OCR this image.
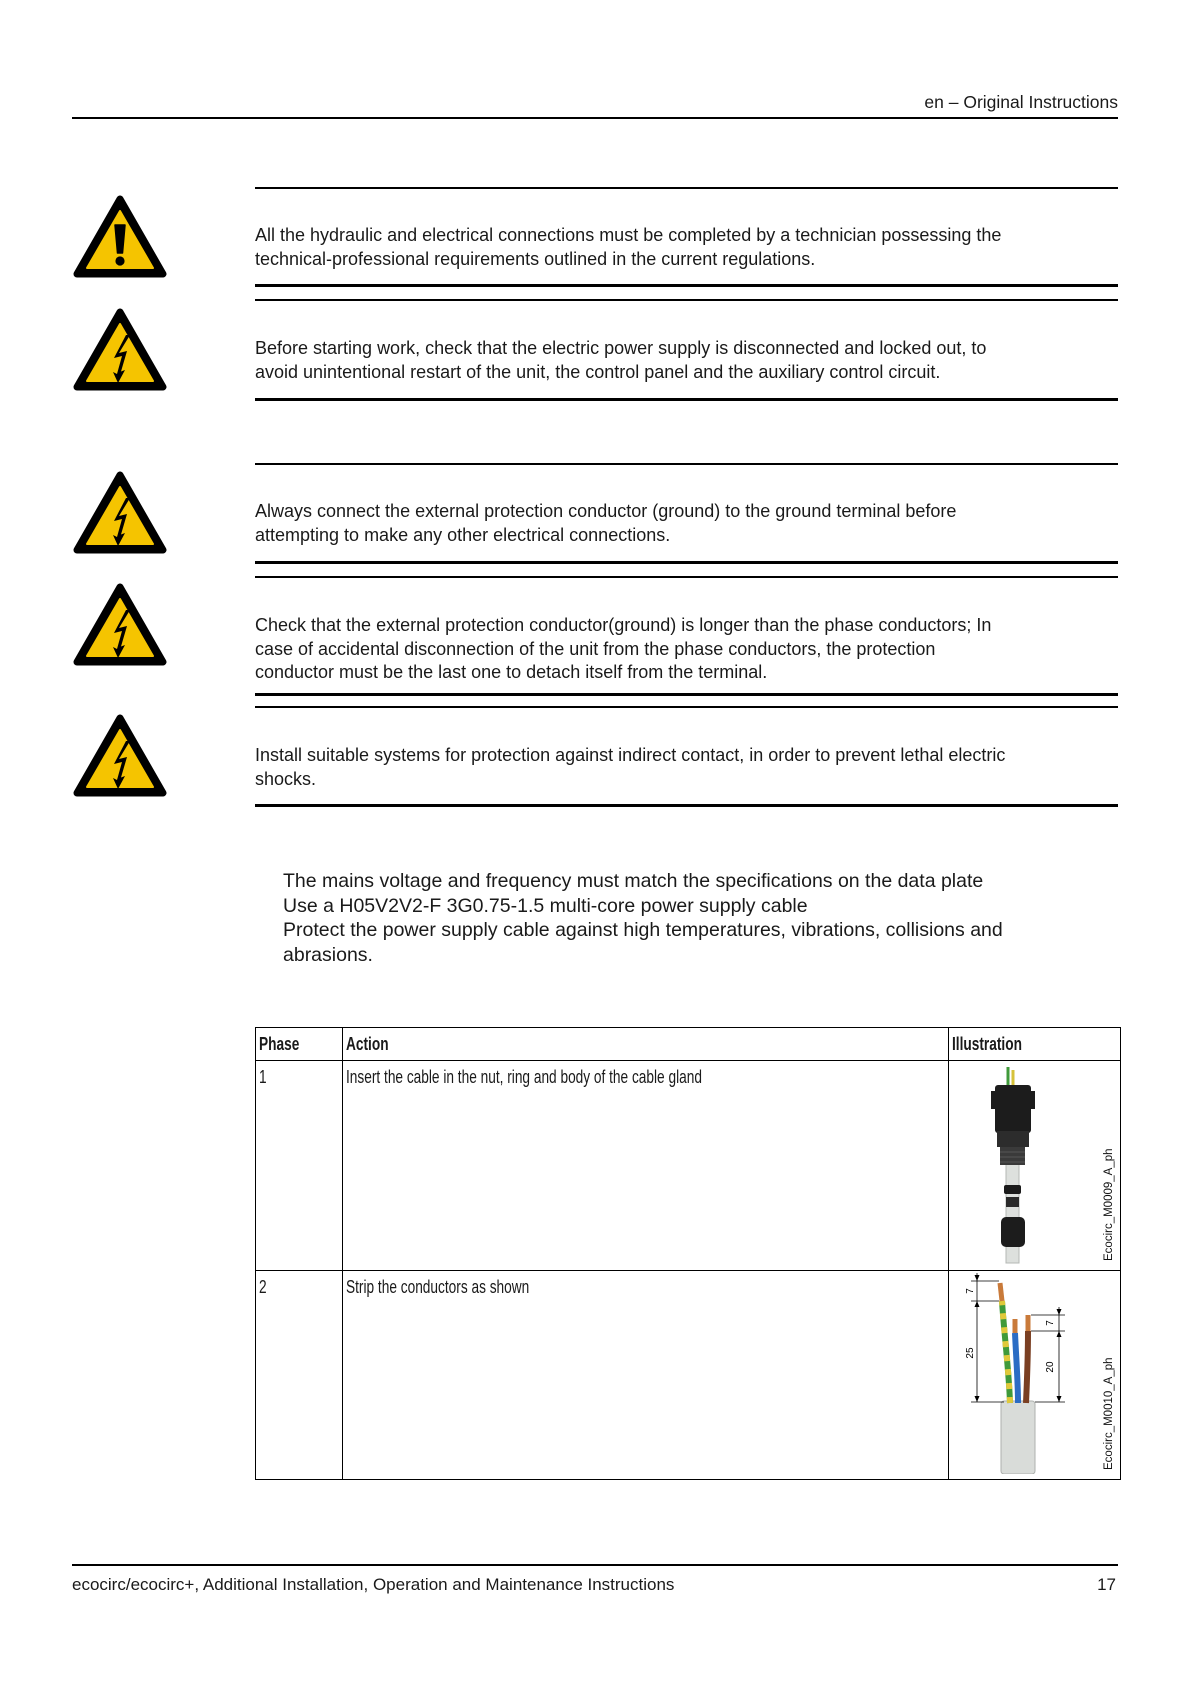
en – Original Instructions
All the hydraulic and electrical connections must be completed by a technician possessing the
technical-professional requirements outlined in the current regulations.
Before starting work, check that the electric power supply is disconnected and locked out, to
avoid unintentional restart of the unit, the control panel and the auxiliary control circuit.
Always connect the external protection conductor (ground) to the ground terminal before
attempting to make any other electrical connections.
Check that the external protection conductor(ground) is longer than the phase conductors; In
case of accidental disconnection of the unit from the phase conductors, the protection
conductor must be the last one to detach itself from the terminal.
Install suitable systems for protection against indirect contact, in order to prevent lethal electric
shocks.
The mains voltage and frequency must match the specifications on the data plate
Use a H05V2V2-F 3G0.75-1.5 multi-core power supply cable
Protect the power supply cable against high temperatures, vibrations, collisions and
abrasions.
Phase	Action	Illustration
1	Insert the cable in the nut, ring and body of the cable gland	Ecocirc_M0009_A_ph

2	Strip the conductors as shown	7
25
7
20 Ecocirc_M0010_A_ph
ecocirc/ecocirc+, Additional Installation, Operation and Maintenance Instructions	17
